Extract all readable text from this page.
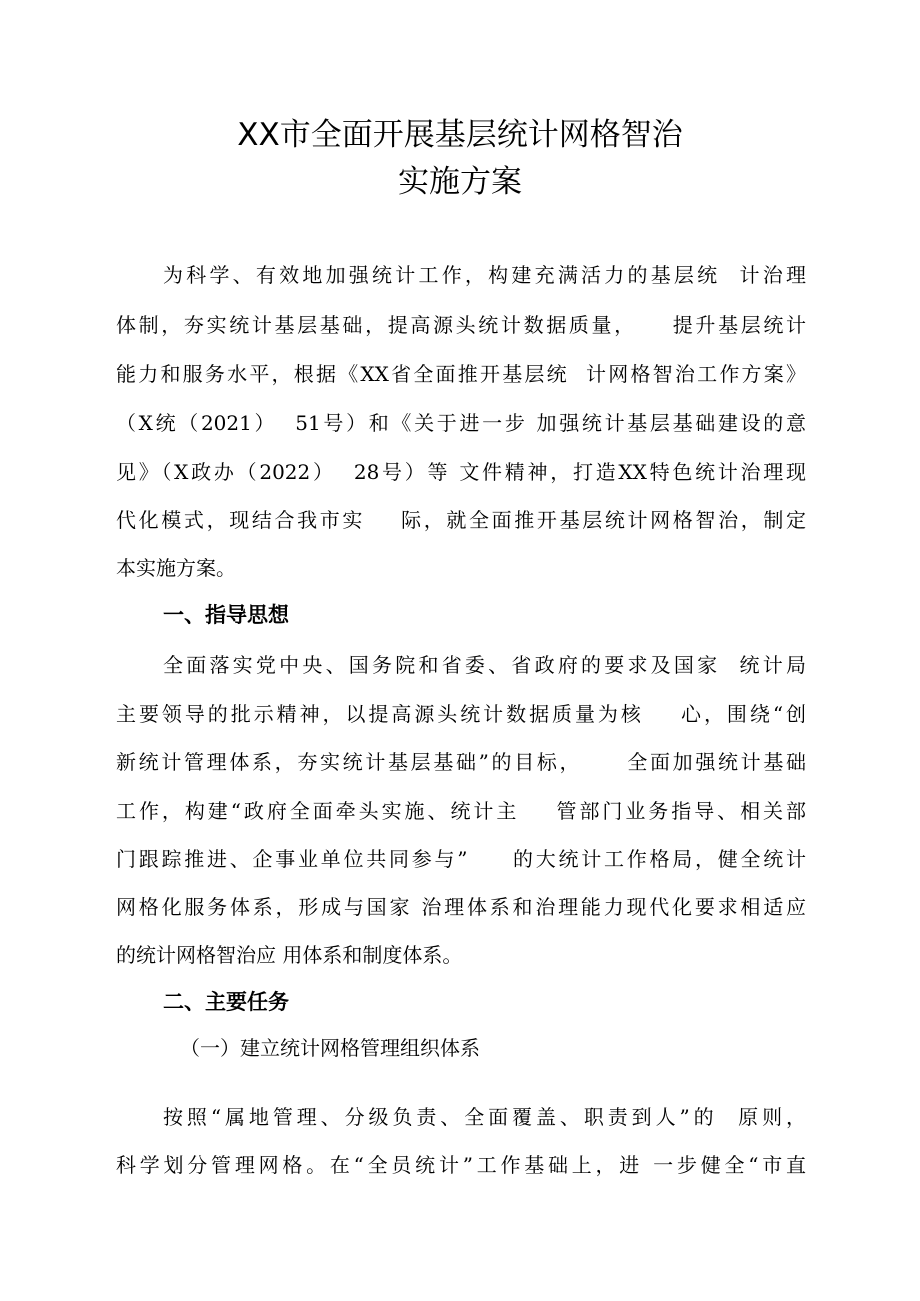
XX市全面开展基层统计网格智治
实施方案
为科学、有效地加强统计工作，构建充满活力的基层统  计治理
体制，夯实统计基层基础，提高源头统计数据质量，    提升基层统计
能力和服务水平，根据《XX省全面推开基层统  计网格智治工作方案》
（X统（2021）  51号）和《关于进一步 加强统计基层基础建设的意
见》（X政办（2022）  28号）等 文件精神，打造XX特色统计治理现
代化模式，现结合我市实    际，就全面推开基层统计网格智治，制定
本实施方案。
一、指导思想
全面落实党中央、国务院和省委、省政府的要求及国家  统计局
主要领导的批示精神，以提高源头统计数据质量为核    心，围绕“创
新统计管理体系，夯实统计基层基础”的目标，     全面加强统计基础
工作，构建“政府全面牵头实施、统计主    管部门业务指导、相关部
门跟踪推进、企事业单位共同参与”     的大统计工作格局，健全统计
网格化服务体系，形成与国家 治理体系和治理能力现代化要求相适应
的统计网格智治应 用体系和制度体系。
二、主要任务
（一）建立统计网格管理组织体系
按照“属地管理、分级负责、全面覆盖、职责到人”的  原则，
科学划分管理网格。在“全员统计”工作基础上，进 一步健全“市直
